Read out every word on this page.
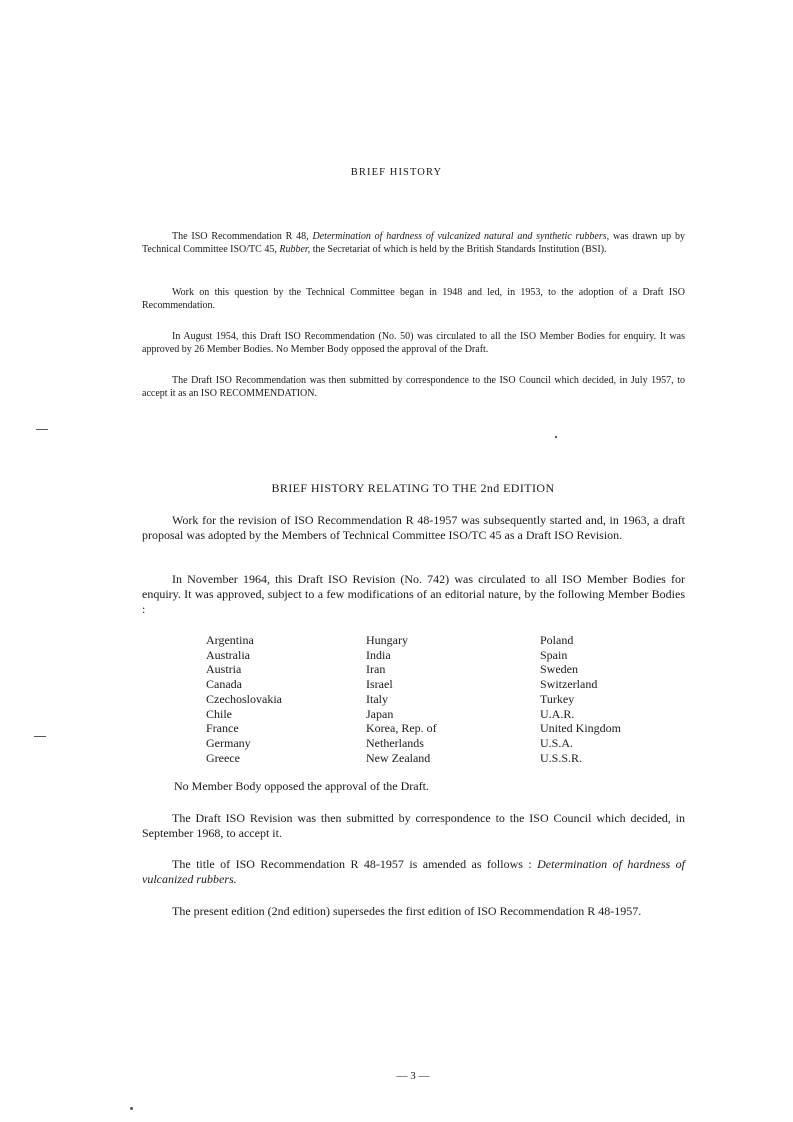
BRIEF HISTORY
The ISO Recommendation R 48, Determination of hardness of vulcanized natural and synthetic rubbers, was drawn up by Technical Committee ISO/TC 45, Rubber, the Secretariat of which is held by the British Standards Institution (BSI).
Work on this question by the Technical Committee began in 1948 and led, in 1953, to the adoption of a Draft ISO Recommendation.
In August 1954, this Draft ISO Recommendation (No. 50) was circulated to all the ISO Member Bodies for enquiry. It was approved by 26 Member Bodies. No Member Body opposed the approval of the Draft.
The Draft ISO Recommendation was then submitted by correspondence to the ISO Council which decided, in July 1957, to accept it as an ISO RECOMMENDATION.
BRIEF HISTORY RELATING TO THE 2nd EDITION
Work for the revision of ISO Recommendation R 48-1957 was subsequently started and, in 1963, a draft proposal was adopted by the Members of Technical Committee ISO/TC 45 as a Draft ISO Revision.
In November 1964, this Draft ISO Revision (No. 742) was circulated to all ISO Member Bodies for enquiry. It was approved, subject to a few modifications of an editorial nature, by the following Member Bodies :
Argentina
Australia
Austria
Canada
Czechoslovakia
Chile
France
Germany
Greece
Hungary
India
Iran
Israel
Italy
Japan
Korea, Rep. of
Netherlands
New Zealand
Poland
Spain
Sweden
Switzerland
Turkey
U.A.R.
United Kingdom
U.S.A.
U.S.S.R.
No Member Body opposed the approval of the Draft.
The Draft ISO Revision was then submitted by correspondence to the ISO Council which decided, in September 1968, to accept it.
The title of ISO Recommendation R 48-1957 is amended as follows : Determination of hardness of vulcanized rubbers.
The present edition (2nd edition) supersedes the first edition of ISO Recommendation R 48-1957.
— 3 —
